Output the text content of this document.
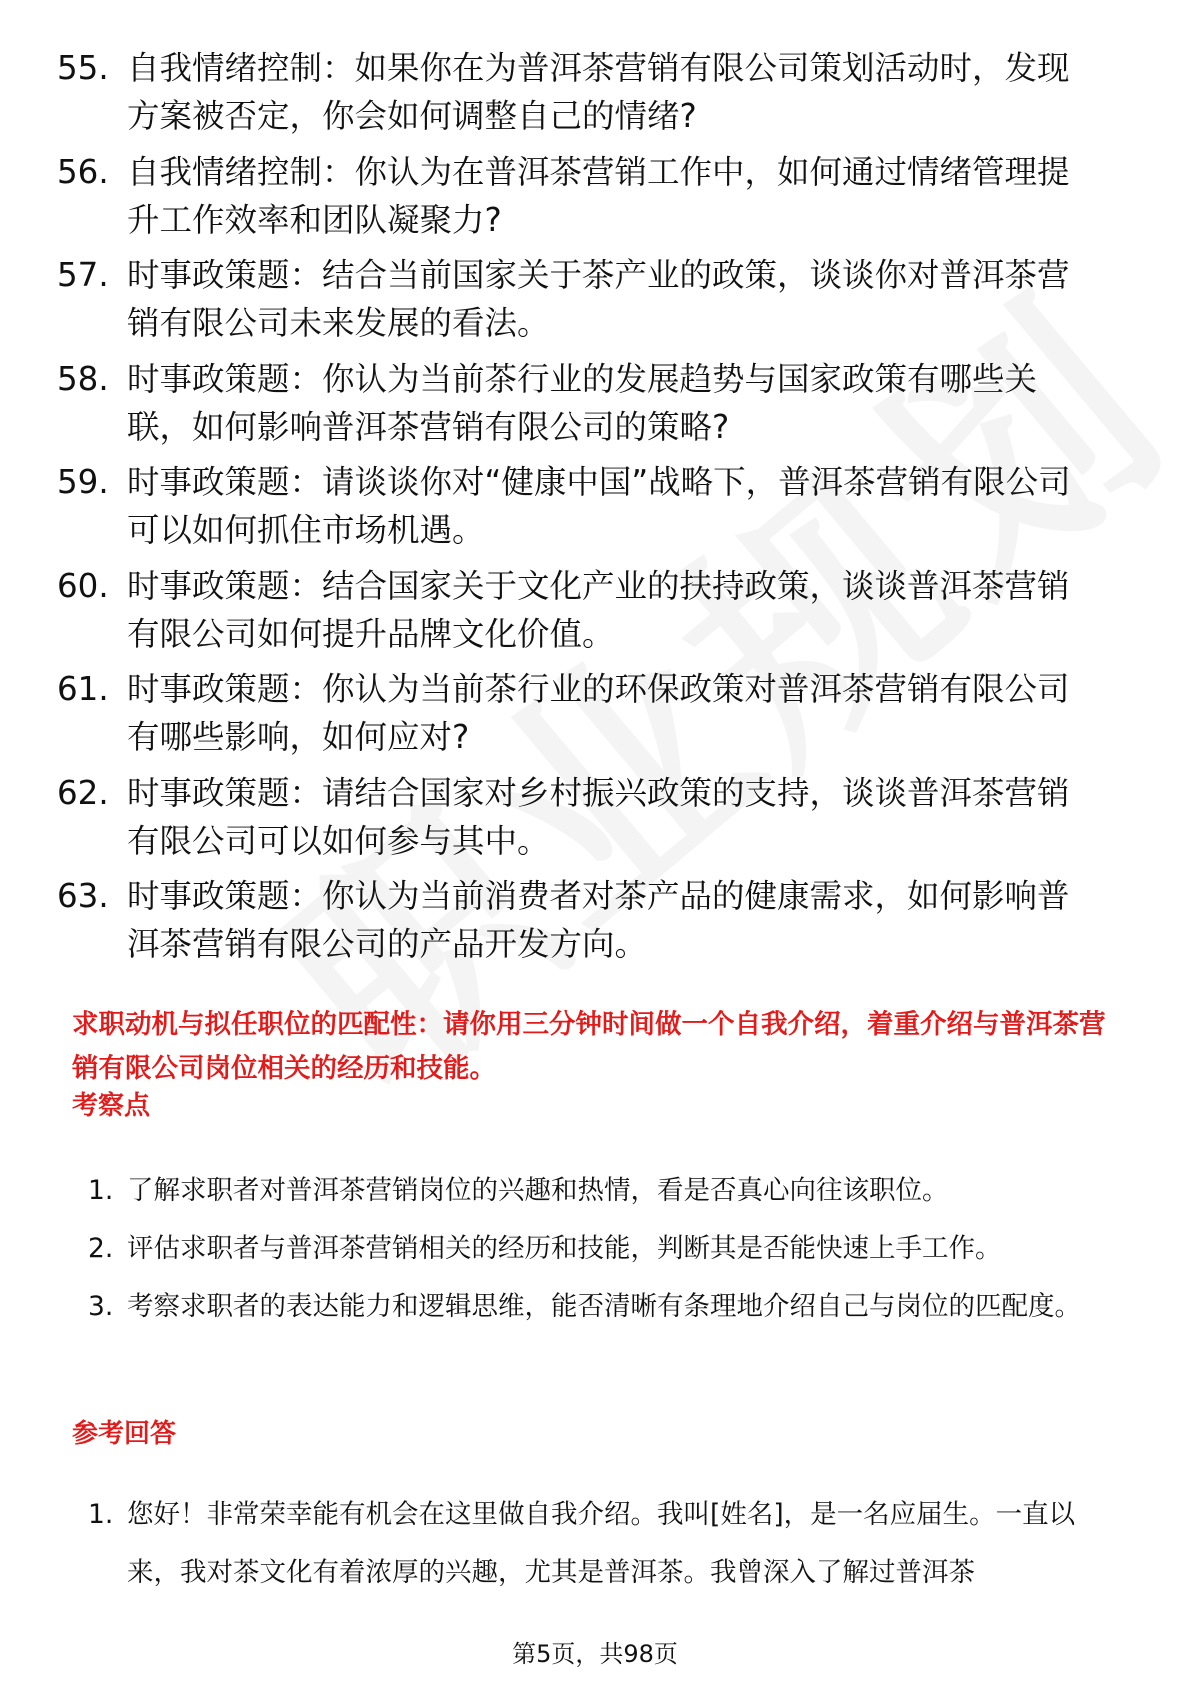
55. 自我情绪控制：如果你在为普洱茶营销有限公司策划活动时，发现方案被否定，你会如何调整自己的情绪?
56. 自我情绪控制：你认为在普洱茶营销工作中，如何通过情绪管理提升工作效率和团队凝聚力?
57. 时事政策题：结合当前国家关于茶产业的政策，谈谈你对普洱茶营销有限公司未来发展的看法。
58. 时事政策题：你认为当前茶行业的发展趋势与国家政策有哪些关联，如何影响普洱茶营销有限公司的策略?
59. 时事政策题：请谈谈你对“健康中国”战略下，普洱茶营销有限公司可以如何抓住市场机遇。
60. 时事政策题：结合国家关于文化产业的扶持政策，谈谈普洱茶营销有限公司如何提升品牌文化价值。
61. 时事政策题：你认为当前茶行业的环保政策对普洱茶营销有限公司有哪些影响，如何应对?
62. 时事政策题：请结合国家对乡村振兴政策的支持，谈谈普洱茶营销有限公司可以如何参与其中。
63. 时事政策题：你认为当前消费者对茶产品的健康需求，如何影响普洱茶营销有限公司的产品开发方向。
求职动机与拟任职位的匹配性：请你用三分钟时间做一个自我介绍，着重介绍与普洱茶营销有限公司岗位相关的经历和技能。
考察点
1. 了解求职者对普洱茶营销岗位的兴趣和热情，看是否真心向往该职位。
2. 评估求职者与普洱茶营销相关的经历和技能，判断其是否能快速上手工作。
3. 考察求职者的表达能力和逻辑思维，能否清晰有条理地介绍自己与岗位的匹配度。
参考回答
1. 您好！非常荣幸能有机会在这里做自我介绍。我叫[姓名]，是一名应届生。一直以来，我对茶文化有着浓厚的兴趣，尤其是普洱茶。我曾深入了解过普洱茶
第5页，共98页
